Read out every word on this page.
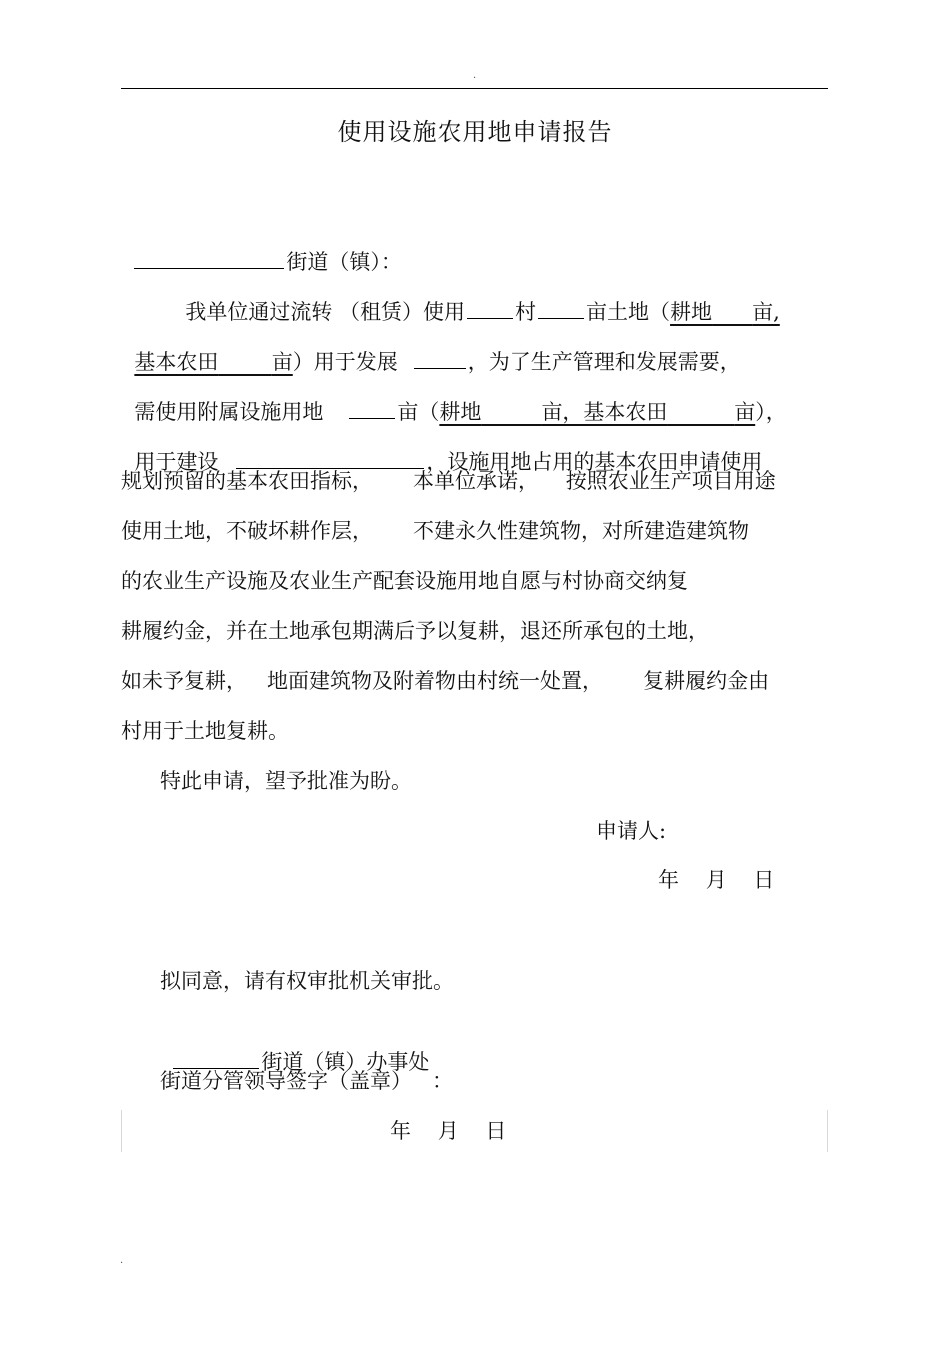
·
使用设施农用地申请报告

街道（镇）：

我单位通过流转 （租赁）使用 村 亩土地（耕地 亩,

基本农田	亩）用于发展	，为了生产管理和发展需要，

需使用附属设施用地	亩（耕地	亩，基本农田	亩），

用于建设	，设施用地占用的基本农田申请使用

规划预留的基本农田指标，      本单位承诺，    按照农业生产项目用途
使用土地，不破坏耕作层，      不建永久性建筑物，对所建造建筑物
的农业生产设施及农业生产配套设施用地自愿与村协商交纳复
耕履约金，并在土地承包期满后予以复耕，退还所承包的土地，
如未予复耕，   地面建筑物及附着物由村统一处置，      复耕履约金由
村用于土地复耕。
特此申请，望予批准为盼。
申请人:
年    月    日
拟同意，请有权审批机关审批。

街道（镇）办事处

街道分管领导签字（盖章）   ：
年    月    日
·
